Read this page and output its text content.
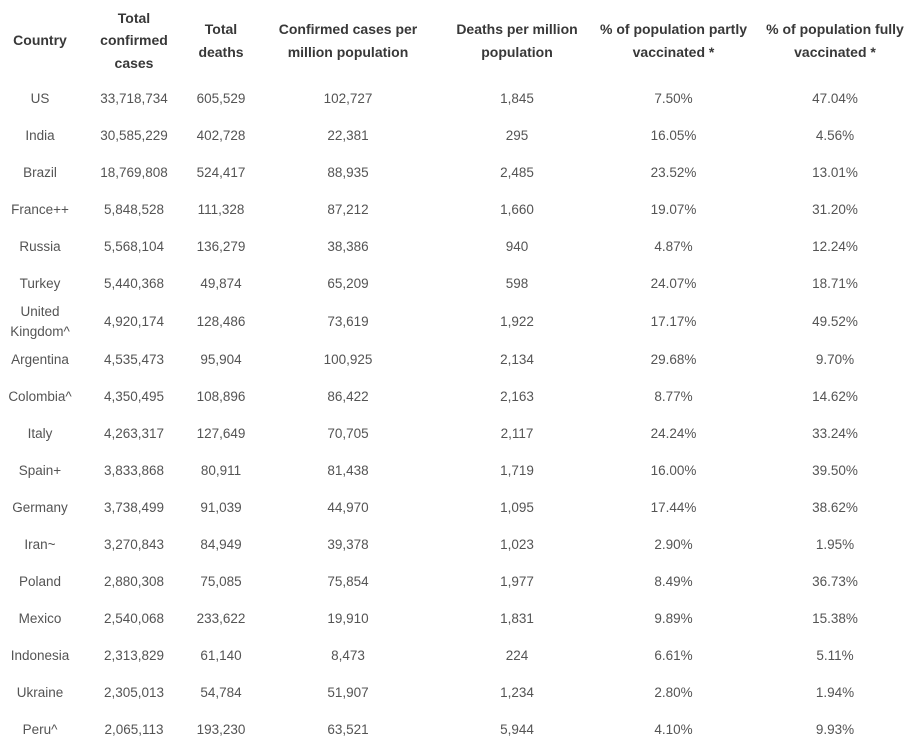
Country	Total confirmed cases	Total deaths	Confirmed cases per million population	Deaths per million population	% of population partly vaccinated *	% of population fully vaccinated *
US	33,718,734	605,529	102,727	1,845	7.50%	47.04%
India	30,585,229	402,728	22,381	295	16.05%	4.56%
Brazil	18,769,808	524,417	88,935	2,485	23.52%	13.01%
France++	5,848,528	111,328	87,212	1,660	19.07%	31.20%
Russia	5,568,104	136,279	38,386	940	4.87%	12.24%
Turkey	5,440,368	49,874	65,209	598	24.07%	18.71%
United Kingdom^	4,920,174	128,486	73,619	1,922	17.17%	49.52%
Argentina	4,535,473	95,904	100,925	2,134	29.68%	9.70%
Colombia^	4,350,495	108,896	86,422	2,163	8.77%	14.62%
Italy	4,263,317	127,649	70,705	2,117	24.24%	33.24%
Spain+	3,833,868	80,911	81,438	1,719	16.00%	39.50%
Germany	3,738,499	91,039	44,970	1,095	17.44%	38.62%
Iran~	3,270,843	84,949	39,378	1,023	2.90%	1.95%
Poland	2,880,308	75,085	75,854	1,977	8.49%	36.73%
Mexico	2,540,068	233,622	19,910	1,831	9.89%	15.38%
Indonesia	2,313,829	61,140	8,473	224	6.61%	5.11%
Ukraine	2,305,013	54,784	51,907	1,234	2.80%	1.94%
Peru^	2,065,113	193,230	63,521	5,944	4.10%	9.93%
